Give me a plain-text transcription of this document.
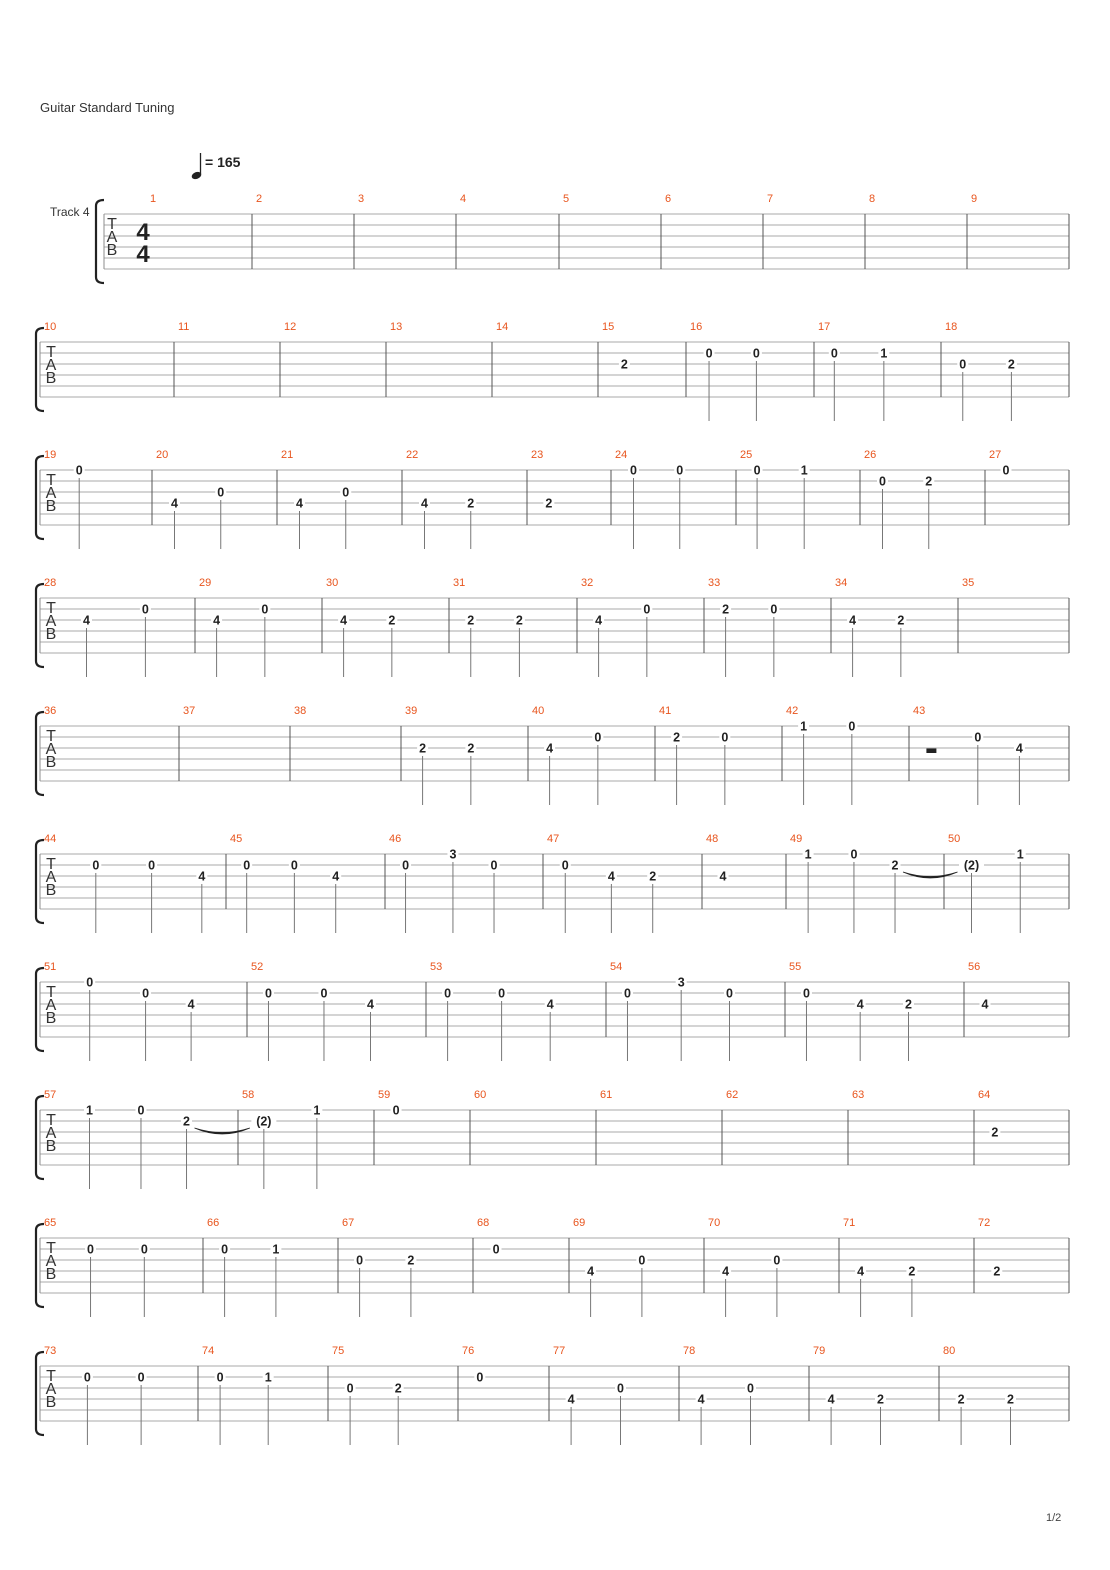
Guitar Standard Tuning
= 165
Track 4
T
A
B
4
4
1	2	3	4	5	6	7	8	9
T
A
B
10	11	12	13	14	15
2
16
0	0
17
0	1
18
0	2
T
A
B
19
0
20
4
0
21
4
0
22
4	2
23
2
24
0	0
25
0	1
26
0	2
27
0
T
A
B
28
4
0
29
4
0
30
4	2
31
2	2
32
4
0
33
2	0
34
4	2
35
T
A
B
36	37	38	39
2	2
40
4
0
41
2	0
42
1	0
43
0
4
T
A
B
44
0	0
4
45
0	0
4
46
0
3
0
47
0
4	2
48
4
49
1	0
2
50
(2)
1
T
A
B
51
0
0
4
52
0	0
4
53
0	0
4
54
0
3
0
55
0
4	2
56
4
T
A
B
57
1	0
2
58
(2)
1
59
0
60	61	62	63	64
2
T
A
B
65
0	0
66
0	1
67
0	2
68
0
69
4
0
70
4
0
71
4	2
72
2
T
A
B
73
0	0
74
0	1
75
0	2
76
0
77
4
0
78
4
0
79
4	2
80
2	2
1/2
